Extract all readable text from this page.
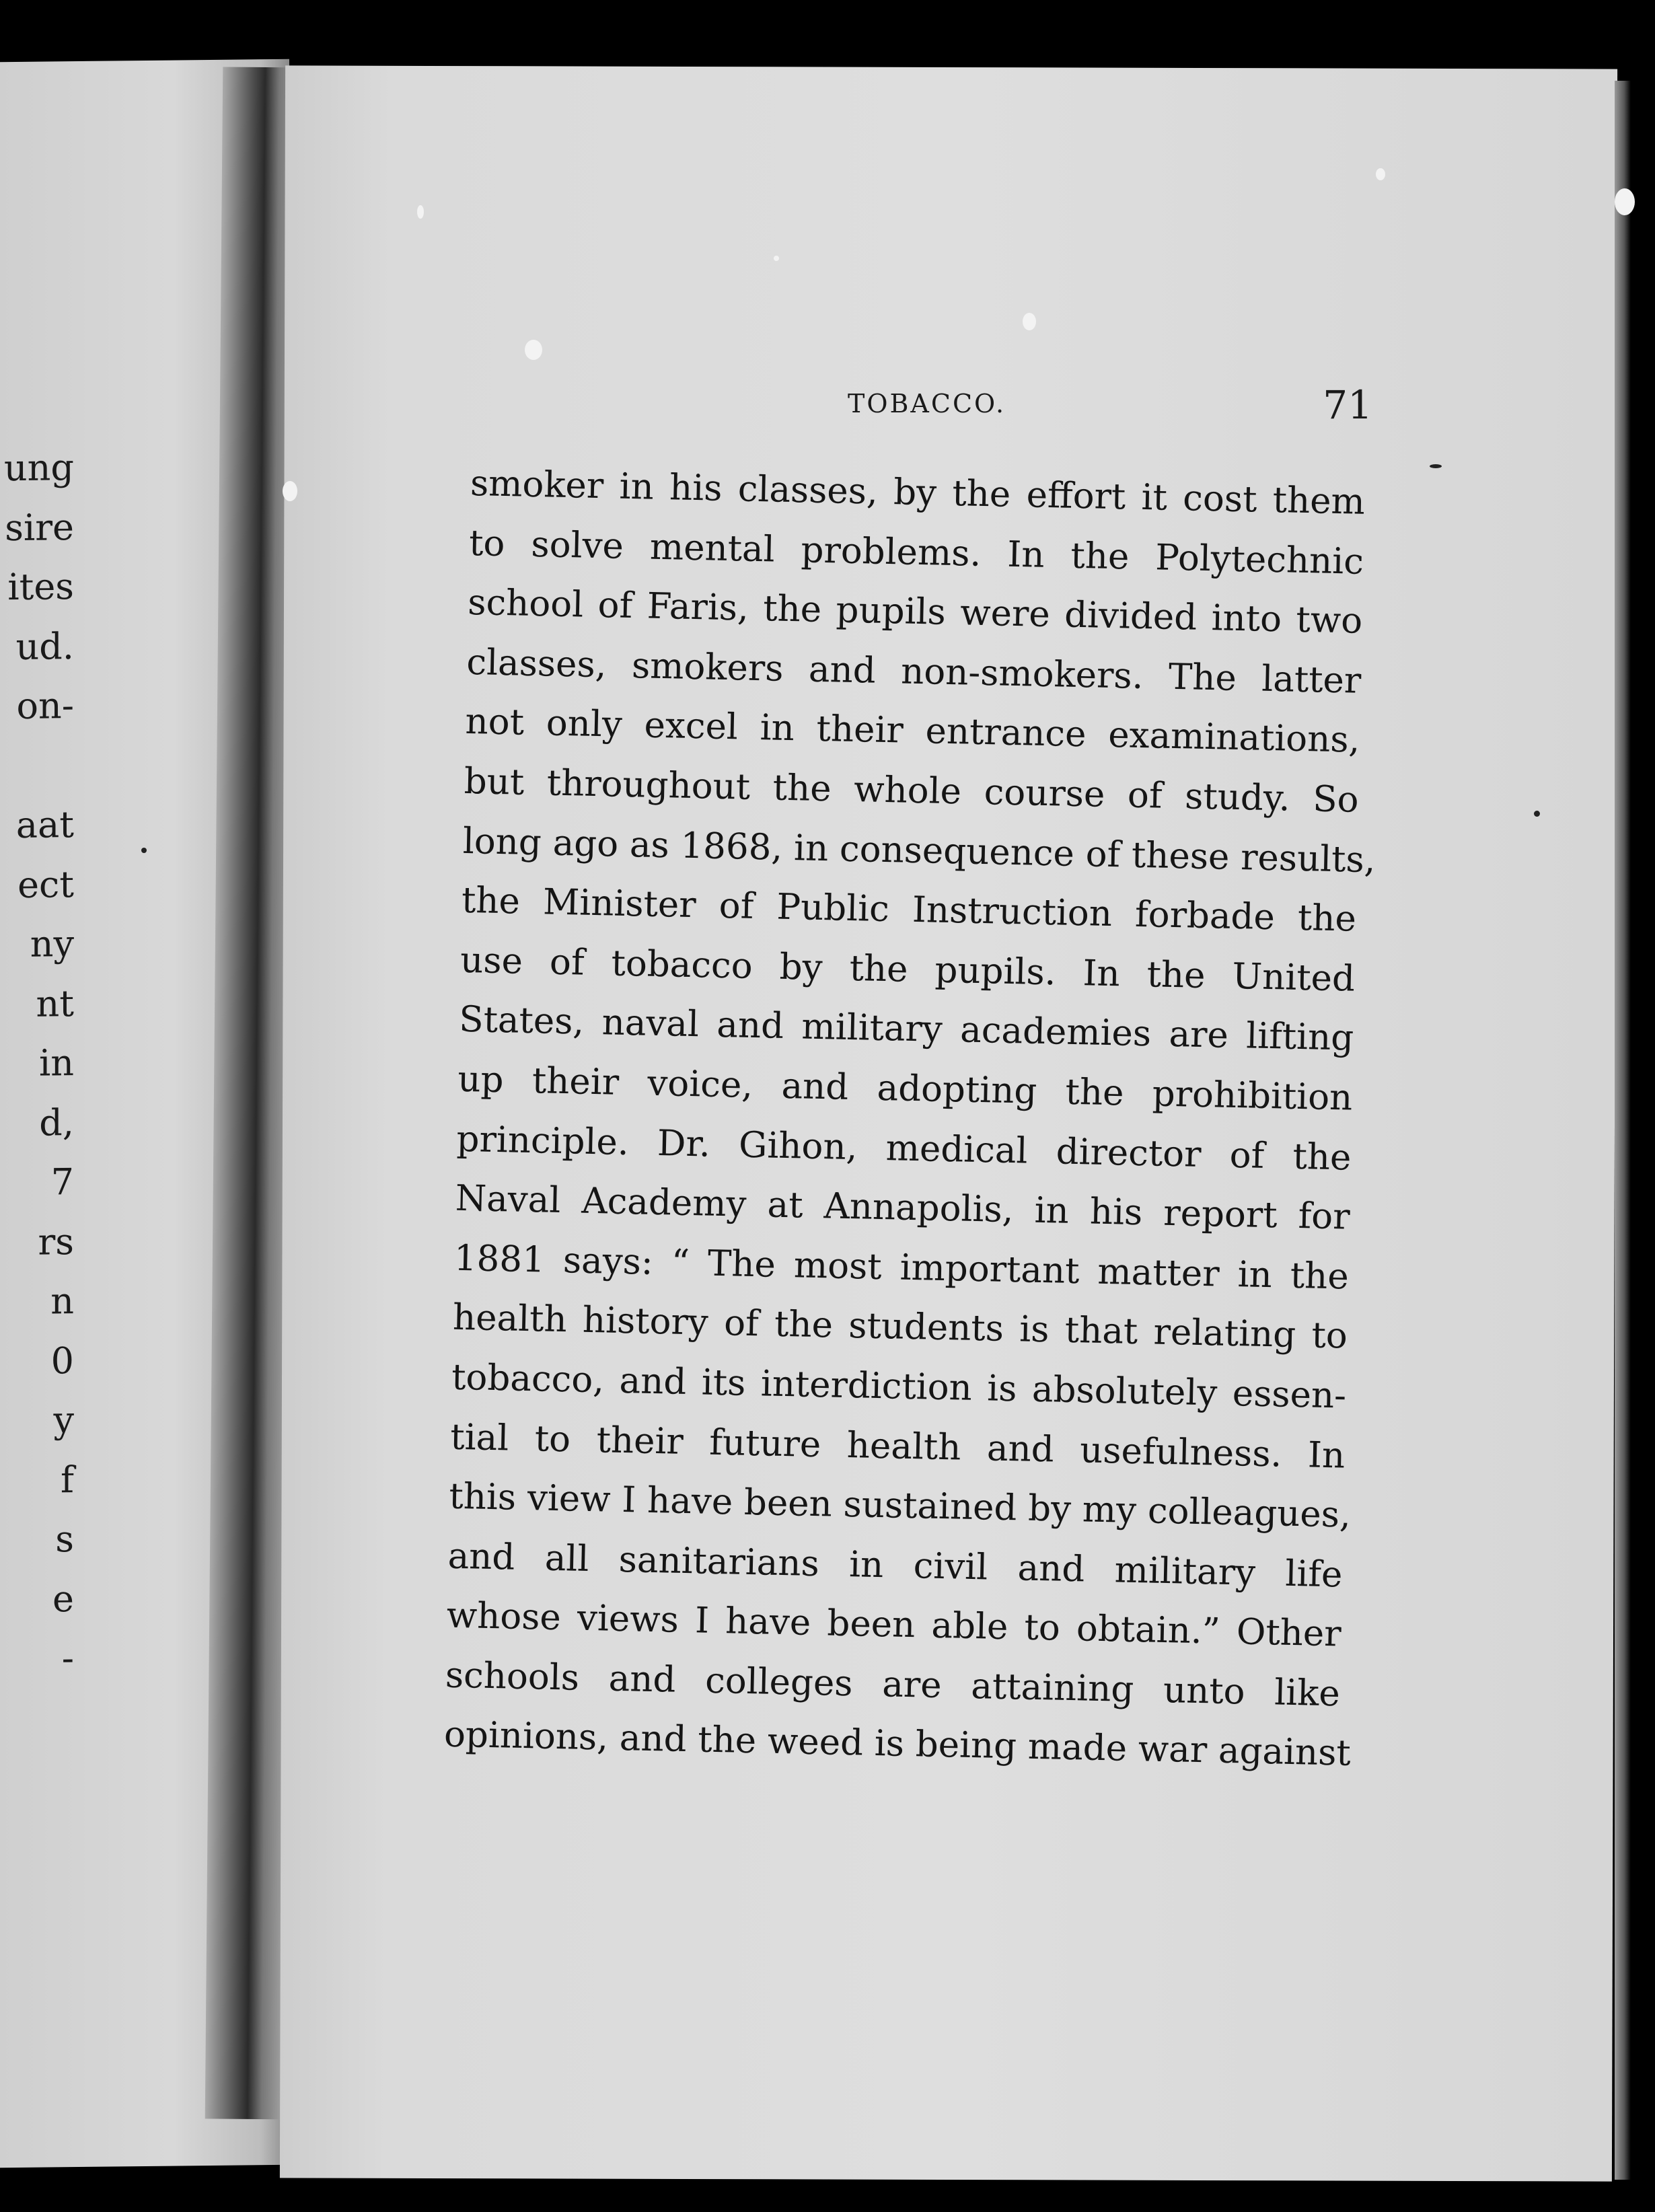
ung
sire
ites
ud.
on-
aat
ect
ny
nt
in
d,
7
rs
n
0
y
f
s
e
-
TOBACCO.	71
smoker in his classes, by the effort it cost them
to solve mental problems. In the Polytechnic
school of Faris, the pupils were divided into two
classes, smokers and non-smokers. The latter
not only excel in their entrance examinations,
but throughout the whole course of study. So
long ago as 1868, in consequence of these results,
the Minister of Public Instruction forbade the
use of tobacco by the pupils. In the United
States, naval and military academies are lifting
up their voice, and adopting the prohibition
principle. Dr. Gihon, medical director of the
Naval Academy at Annapolis, in his report for
1881 says: “ The most important matter in the
health history of the students is that relating to
tobacco, and its interdiction is absolutely essen-
tial to their future health and usefulness. In
this view I have been sustained by my colleagues,
and all sanitarians in civil and military life
whose views I have been able to obtain.” Other
schools and colleges are attaining unto like
opinions, and the weed is being made war against
